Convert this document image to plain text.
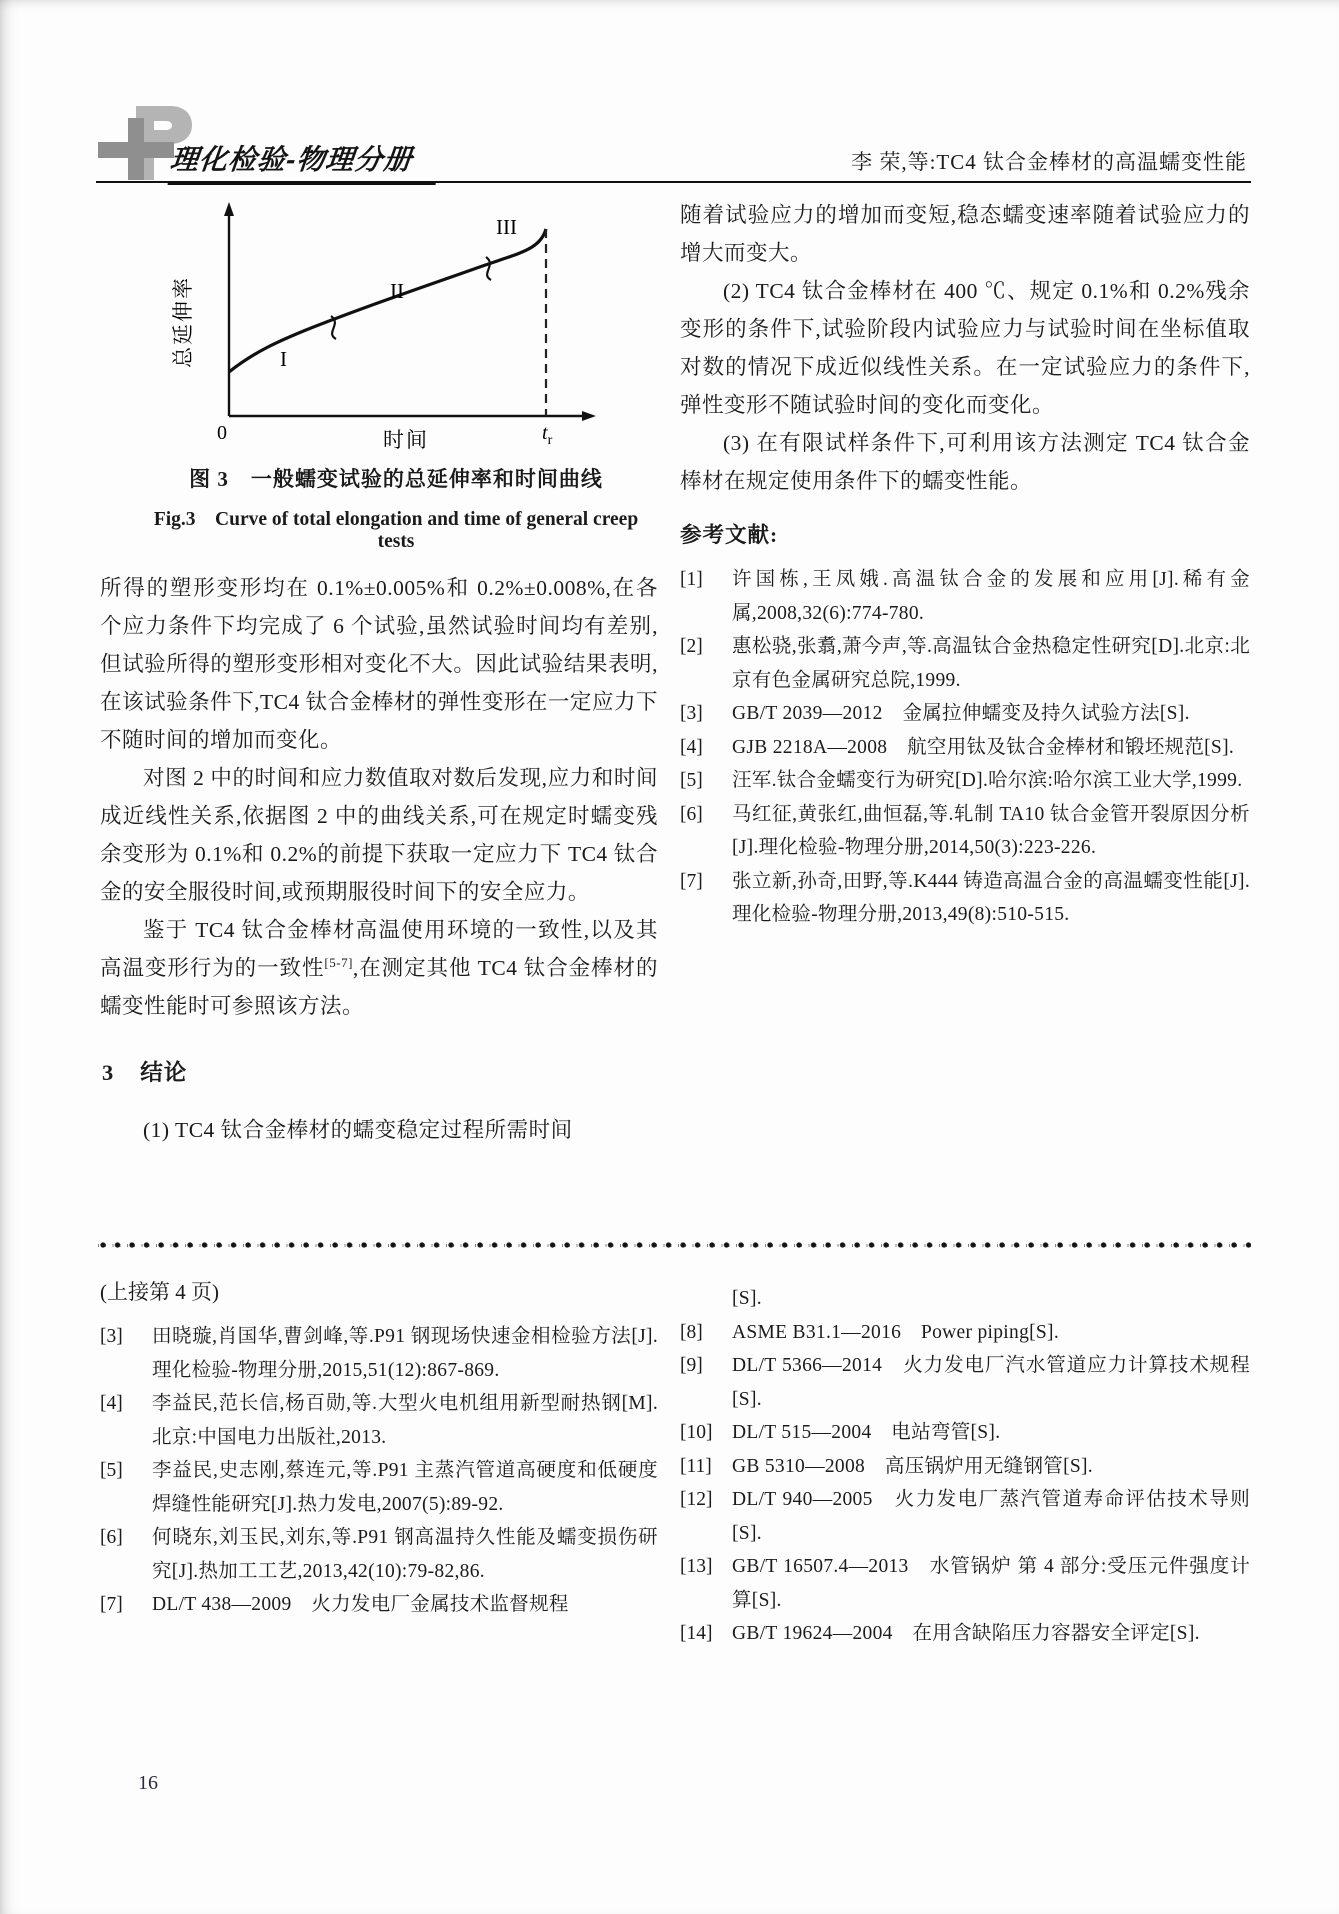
理化检验-物理分册	李 荣,等:TC4 钛合金棒材的高温蠕变性能
I
II
III
0	$t_r$
时间
总延伸率
图 3　一般蠕变试验的总延伸率和时间曲线
Fig.3　Curve of total elongation and time of general creep tests

所得的塑形变形均在 0.1%±0.005%和 0.2%±0.008%,在各个应力条件下均完成了 6 个试验,虽然试验时间均有差别,但试验所得的塑形变形相对变化不大。因此试验结果表明,在该试验条件下,TC4 钛合金棒材的弹性变形在一定应力下不随时间的增加而变化。

对图 2 中的时间和应力数值取对数后发现,应力和时间成近线性关系,依据图 2 中的曲线关系,可在规定时蠕变残余变形为 0.1%和 0.2%的前提下获取一定应力下 TC4 钛合金的安全服役时间,或预期服役时间下的安全应力。

鉴于 TC4 钛合金棒材高温使用环境的一致性,以及其高温变形行为的一致性[5-7],在测定其他 TC4 钛合金棒材的蠕变性能时可参照该方法。

3 结论

(1) TC4 钛合金棒材的蠕变稳定过程所需时间

随着试验应力的增加而变短,稳态蠕变速率随着试验应力的增大而变大。

(2) TC4 钛合金棒材在 400 ℃、规定 0.1%和 0.2%残余变形的条件下,试验阶段内试验应力与试验时间在坐标值取对数的情况下成近似线性关系。在一定试验应力的条件下,弹性变形不随试验时间的变化而变化。

(3) 在有限试样条件下,可利用该方法测定 TC4 钛合金棒材在规定使用条件下的蠕变性能。

参考文献:
[1]	许国栋,王凤娥.高温钛合金的发展和应用[J].稀有金属,2008,32(6):774-780.
[2]	惠松骁,张翥,萧今声,等.高温钛合金热稳定性研究[D].北京:北京有色金属研究总院,1999.
[3]	GB/T 2039—2012　金属拉伸蠕变及持久试验方法[S].
[4]	GJB 2218A—2008　航空用钛及钛合金棒材和锻坯规范[S].
[5]	汪军.钛合金蠕变行为研究[D].哈尔滨:哈尔滨工业大学,1999.
[6]	马红征,黄张红,曲恒磊,等.轧制 TA10 钛合金管开裂原因分析[J].理化检验-物理分册,2014,50(3):223-226.
[7]	张立新,孙奇,田野,等.K444 铸造高温合金的高温蠕变性能[J].理化检验-物理分册,2013,49(8):510-515.

(上接第 4 页)

[3]	田晓璇,肖国华,曹剑峰,等.P91 钢现场快速金相检验方法[J].理化检验-物理分册,2015,51(12):867-869.
[4]	李益民,范长信,杨百勋,等.大型火电机组用新型耐热钢[M].北京:中国电力出版社,2013.
[5]	李益民,史志刚,蔡连元,等.P91 主蒸汽管道高硬度和低硬度焊缝性能研究[J].热力发电,2007(5):89-92.
[6]	何晓东,刘玉民,刘东,等.P91 钢高温持久性能及蠕变损伤研究[J].热加工工艺,2013,42(10):79-82,86.
[7]	DL/T 438—2009　火力发电厂金属技术监督规程
[S].
[8]	ASME B31.1—2016　Power piping[S].
[9]	DL/T 5366—2014　火力发电厂汽水管道应力计算技术规程[S].
[10]	DL/T 515—2004　电站弯管[S].
[11]	GB 5310—2008　高压锅炉用无缝钢管[S].
[12]	DL/T 940—2005　火力发电厂蒸汽管道寿命评估技术导则[S].
[13]	GB/T 16507.4—2013　水管锅炉 第 4 部分:受压元件强度计算[S].
[14]	GB/T 19624—2004　在用含缺陷压力容器安全评定[S].
16
